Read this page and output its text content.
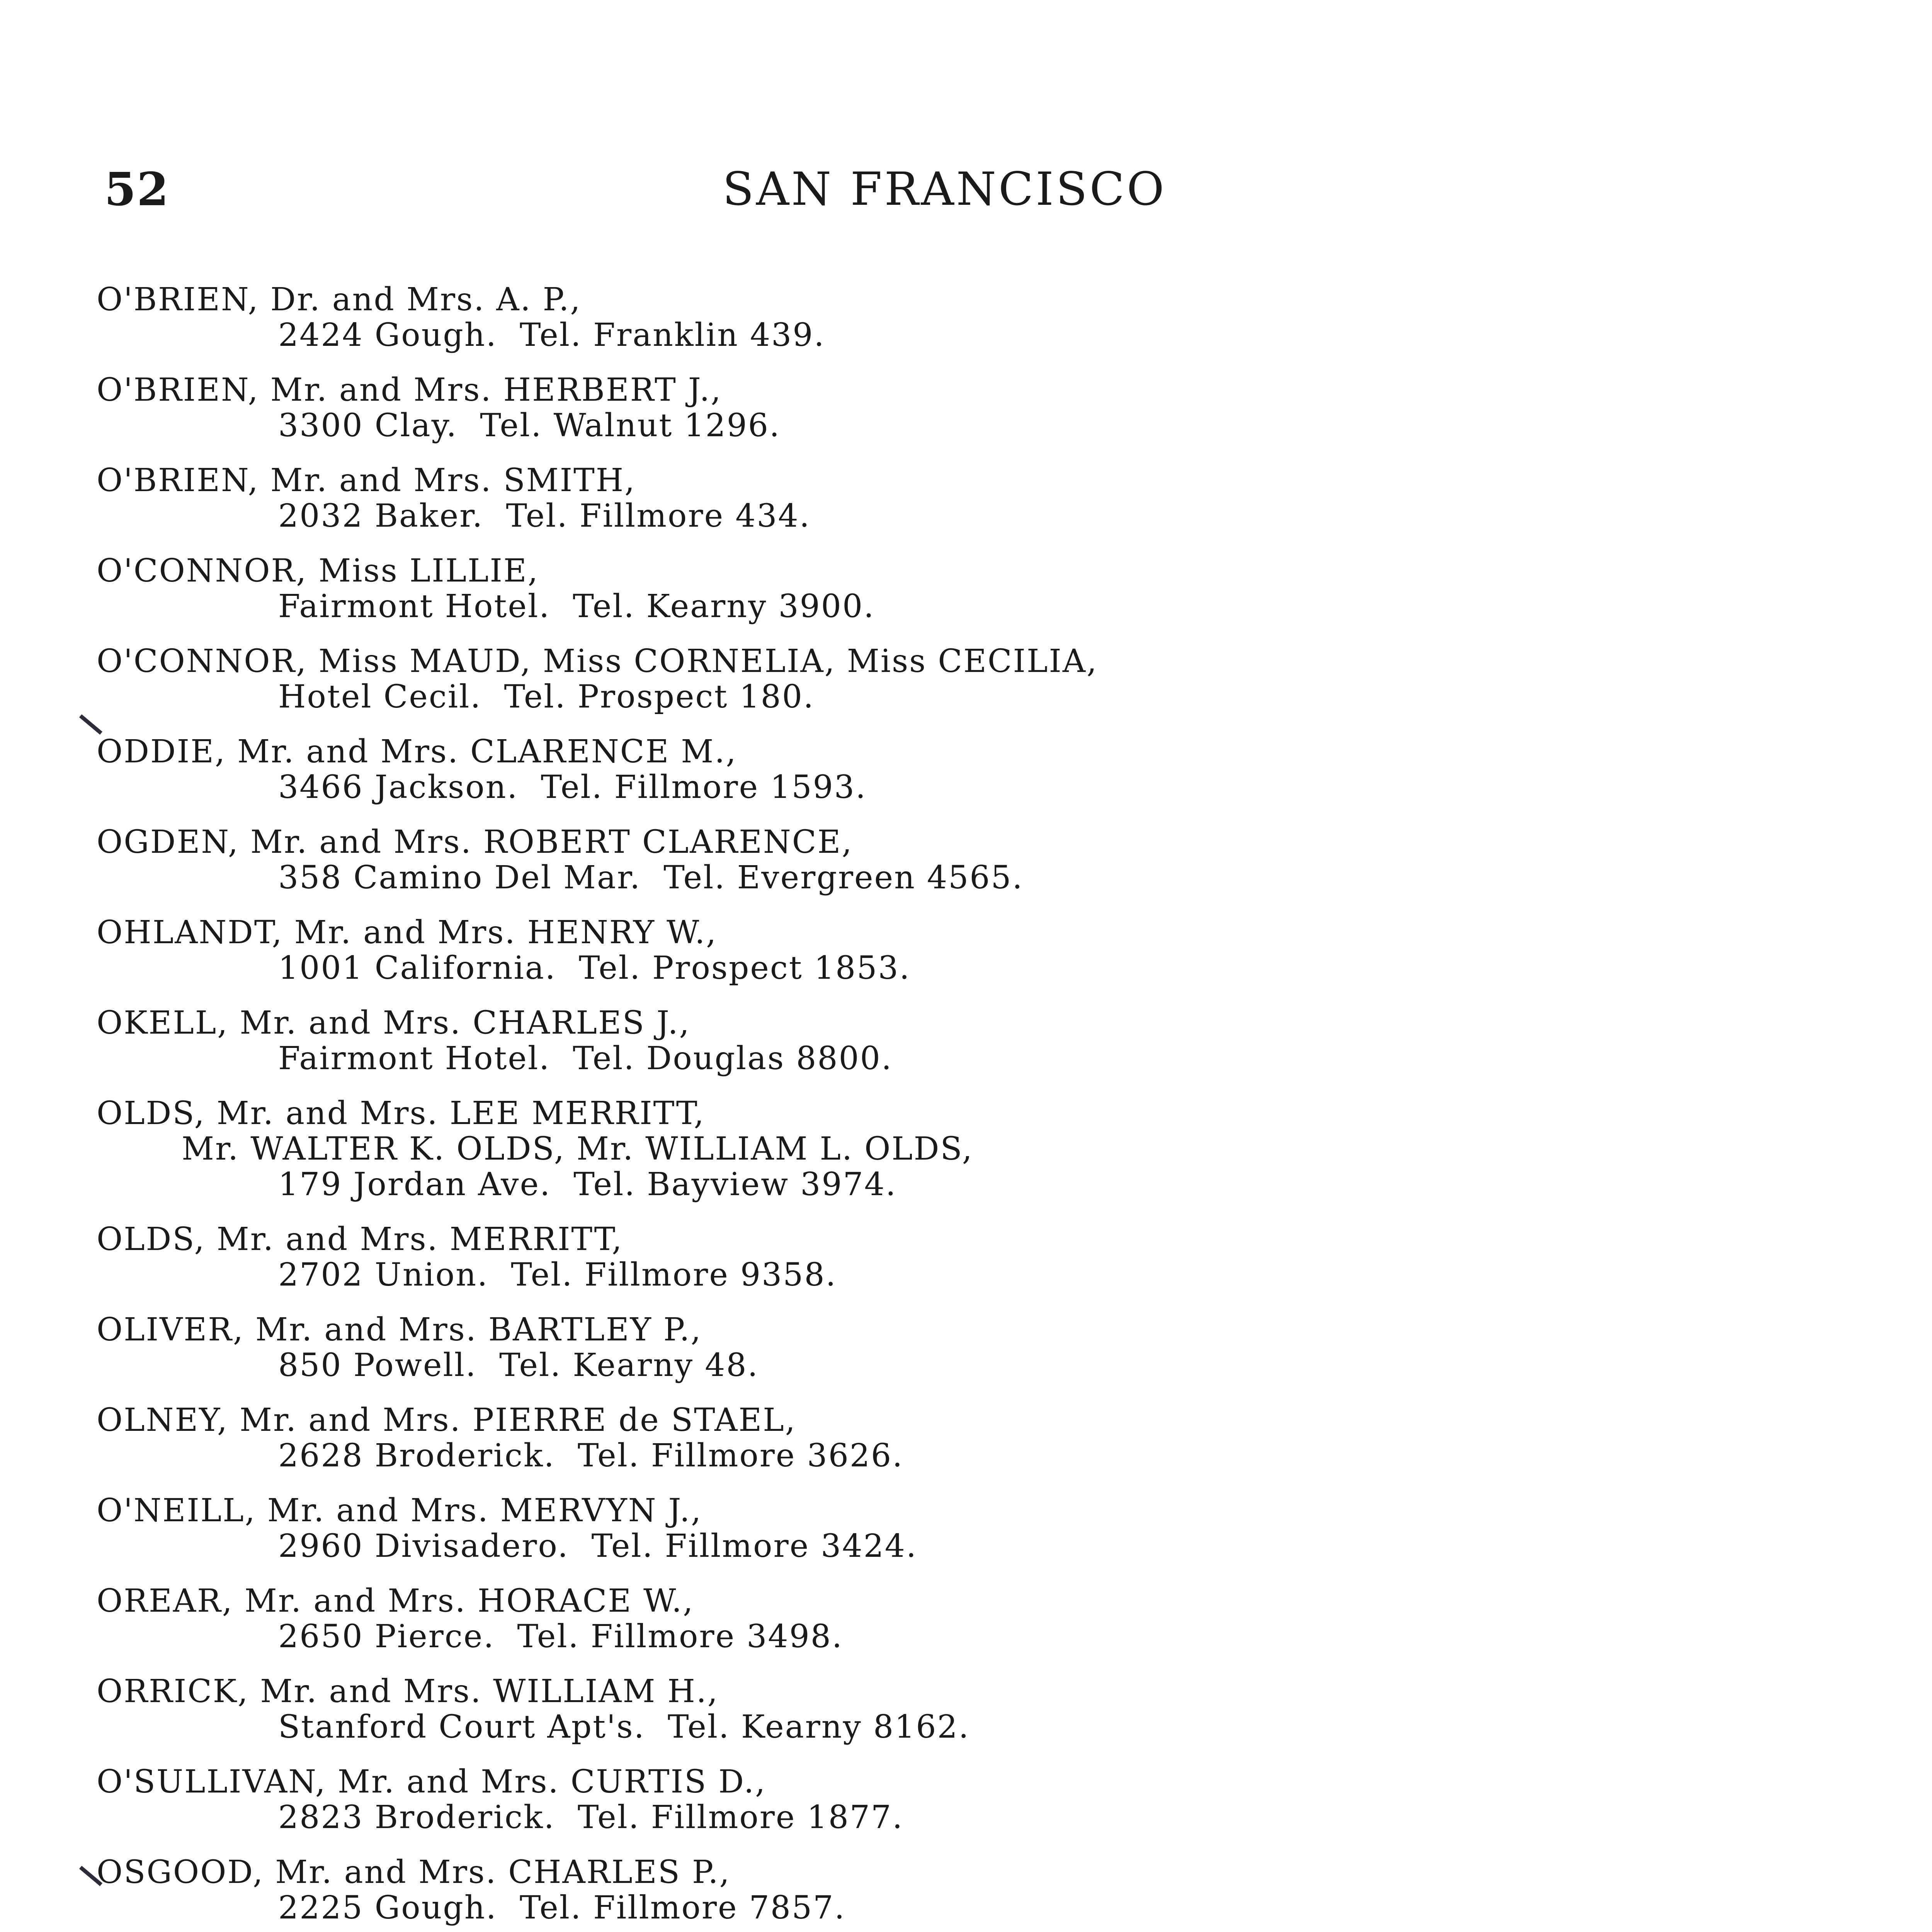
52	SAN FRANCISCO
O'BRIEN, Dr. and Mrs. A. P.,
2424 Gough.  Tel. Franklin 439.
O'BRIEN, Mr. and Mrs. HERBERT J.,
3300 Clay.  Tel. Walnut 1296.
O'BRIEN, Mr. and Mrs. SMITH,
2032 Baker.  Tel. Fillmore 434.
O'CONNOR, Miss LILLIE,
Fairmont Hotel.  Tel. Kearny 3900.
O'CONNOR, Miss MAUD, Miss CORNELIA, Miss CECILIA,
Hotel Cecil.  Tel. Prospect 180.
ODDIE, Mr. and Mrs. CLARENCE M.,
3466 Jackson.  Tel. Fillmore 1593.
OGDEN, Mr. and Mrs. ROBERT CLARENCE,
358 Camino Del Mar.  Tel. Evergreen 4565.
OHLANDT, Mr. and Mrs. HENRY W.,
1001 California.  Tel. Prospect 1853.
OKELL, Mr. and Mrs. CHARLES J.,
Fairmont Hotel.  Tel. Douglas 8800.
OLDS, Mr. and Mrs. LEE MERRITT,
Mr. WALTER K. OLDS, Mr. WILLIAM L. OLDS,
179 Jordan Ave.  Tel. Bayview 3974.
OLDS, Mr. and Mrs. MERRITT,
2702 Union.  Tel. Fillmore 9358.
OLIVER, Mr. and Mrs. BARTLEY P.,
850 Powell.  Tel. Kearny 48.
OLNEY, Mr. and Mrs. PIERRE de STAEL,
2628 Broderick.  Tel. Fillmore 3626.
O'NEILL, Mr. and Mrs. MERVYN J.,
2960 Divisadero.  Tel. Fillmore 3424.
OREAR, Mr. and Mrs. HORACE W.,
2650 Pierce.  Tel. Fillmore 3498.
ORRICK, Mr. and Mrs. WILLIAM H.,
Stanford Court Apt's.  Tel. Kearny 8162.
O'SULLIVAN, Mr. and Mrs. CURTIS D.,
2823 Broderick.  Tel. Fillmore 1877.
OSGOOD, Mr. and Mrs. CHARLES P.,
2225 Gough.  Tel. Fillmore 7857.
